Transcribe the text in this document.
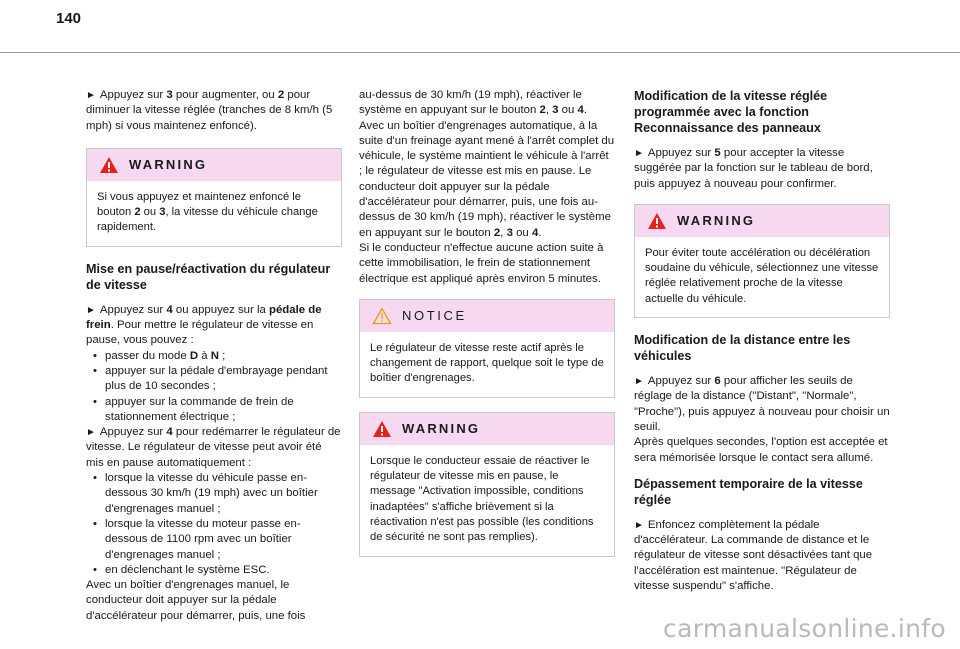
140

► Appuyez sur 3 pour augmenter, ou 2 pour diminuer la vitesse réglée (tranches de 8 km/h (5 mph) si vous maintenez enfoncé).

WARNING
Si vous appuyez et maintenez enfoncé le bouton 2 ou 3, la vitesse du véhicule change rapidement.
Mise en pause/réactivation du régulateur de vitesse

► Appuyez sur 4 ou appuyez sur la pédale de frein. Pour mettre le régulateur de vitesse en pause, vous pouvez :

• passer du mode D à N ;
• appuyer sur la pédale d'embrayage pendant plus de 10 secondes ;
• appuyer sur la commande de frein de stationnement électrique ;

► Appuyez sur 4 pour redémarrer le régulateur de vitesse. Le régulateur de vitesse peut avoir été mis en pause automatiquement :

• lorsque la vitesse du véhicule passe en-dessous 30 km/h (19 mph) avec un boîtier d'engrenages manuel ;
• lorsque la vitesse du moteur passe en-dessous de 1100 rpm avec un boîtier d'engrenages manuel ;
• en déclenchant le système ESC.

Avec un boîtier d'engrenages manuel, le conducteur doit appuyer sur la pédale d'accélérateur pour démarrer, puis, une fois

au-dessus de 30 km/h (19 mph), réactiver le système en appuyant sur le bouton 2, 3 ou 4.

Avec un boîtier d'engrenages automatique, à la suite d'un freinage ayant mené à l'arrêt complet du véhicule, le système maintient le véhicule à l'arrêt ; le régulateur de vitesse est mis en pause. Le conducteur doit appuyer sur la pédale d'accélérateur pour démarrer, puis, une fois au-dessus de 30 km/h (19 mph), réactiver le système en appuyant sur le bouton 2, 3 ou 4.

Si le conducteur n'effectue aucune action suite à cette immobilisation, le frein de stationnement électrique est appliqué après environ 5 minutes.

NOTICE
Le régulateur de vitesse reste actif après le changement de rapport, quelque soit le type de boîtier d'engrenages.
WARNING
Lorsque le conducteur essaie de réactiver le régulateur de vitesse mis en pause, le message "Activation impossible, conditions inadaptées" s'affiche brièvement si la réactivation n'est pas possible (les conditions de sécurité ne sont pas remplies).
Modification de la vitesse réglée programmée avec la fonction Reconnaissance des panneaux

► Appuyez sur 5 pour accepter la vitesse suggérée par la fonction sur le tableau de bord, puis appuyez à nouveau pour confirmer.

WARNING
Pour éviter toute accélération ou décélération soudaine du véhicule, sélectionnez une vitesse réglée relativement proche de la vitesse actuelle du véhicule.
Modification de la distance entre les véhicules

► Appuyez sur 6 pour afficher les seuils de réglage de la distance ("Distant", "Normale", "Proche"), puis appuyez à nouveau pour choisir un seuil.

Après quelques secondes, l'option est acceptée et sera mémorisée lorsque le contact sera allumé.

Dépassement temporaire de la vitesse réglée

► Enfoncez complètement la pédale d'accélérateur. La commande de distance et le régulateur de vitesse sont désactivées tant que l'accélération est maintenue. "Régulateur de vitesse suspendu" s'affiche.

carmanualsonline.info
